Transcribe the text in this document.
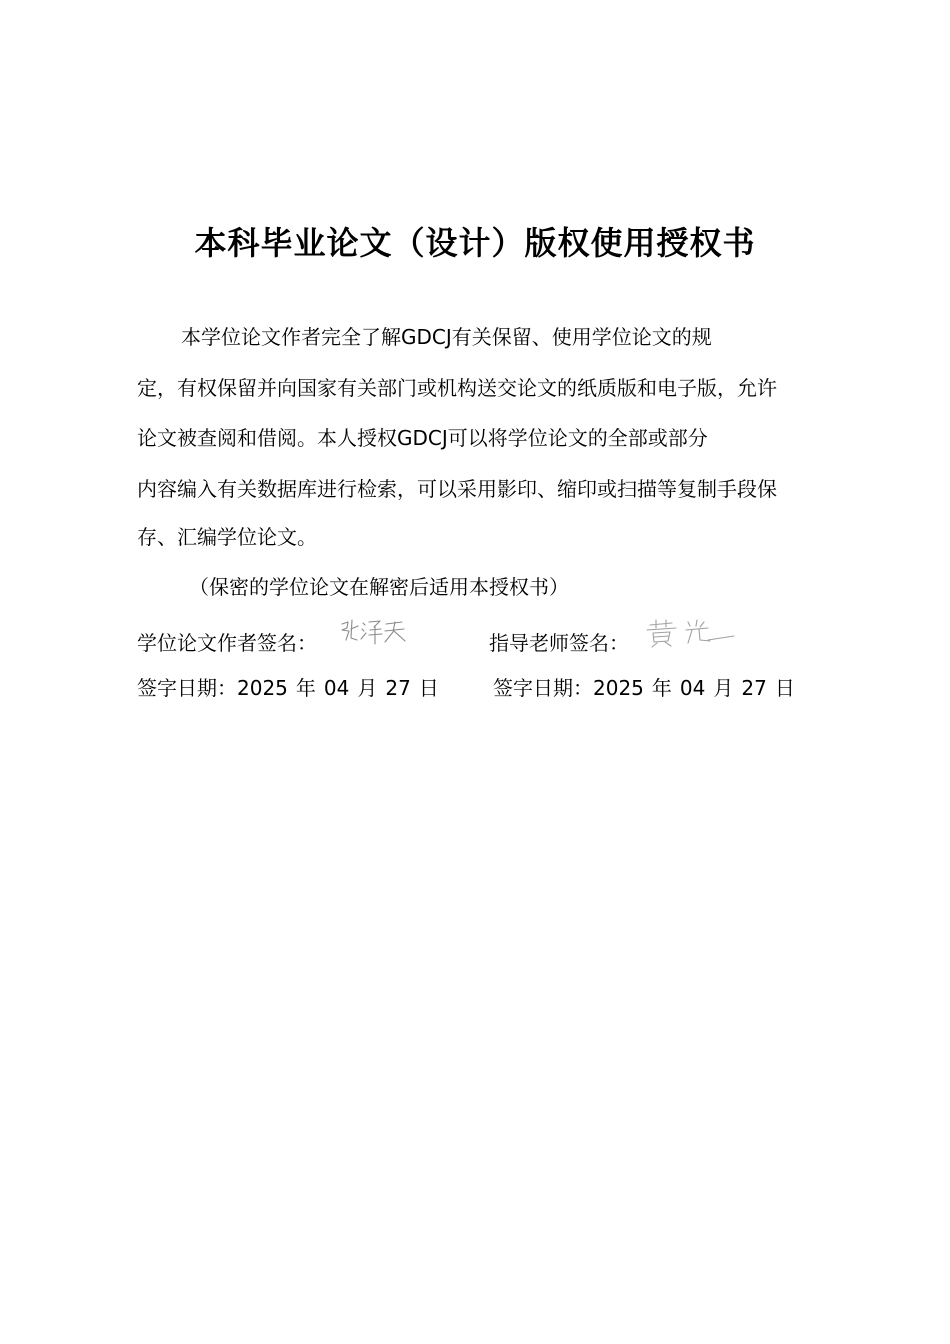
本科毕业论文（设计）版权使用授权书
本学位论文作者完全了解GDCJ有关保留、使用学位论文的规
定，有权保留并向国家有关部门或机构送交论文的纸质版和电子版，允许
论文被查阅和借阅。本人授权GDCJ可以将学位论文的全部或部分
内容编入有关数据库进行检索，可以采用影印、缩印或扫描等复制手段保
存、汇编学位论文。
（保密的学位论文在解密后适用本授权书）
学位论文作者签名：	指导老师签名：
签字日期：2025 年 04 月 27 日	签字日期：2025 年 04 月 27 日
